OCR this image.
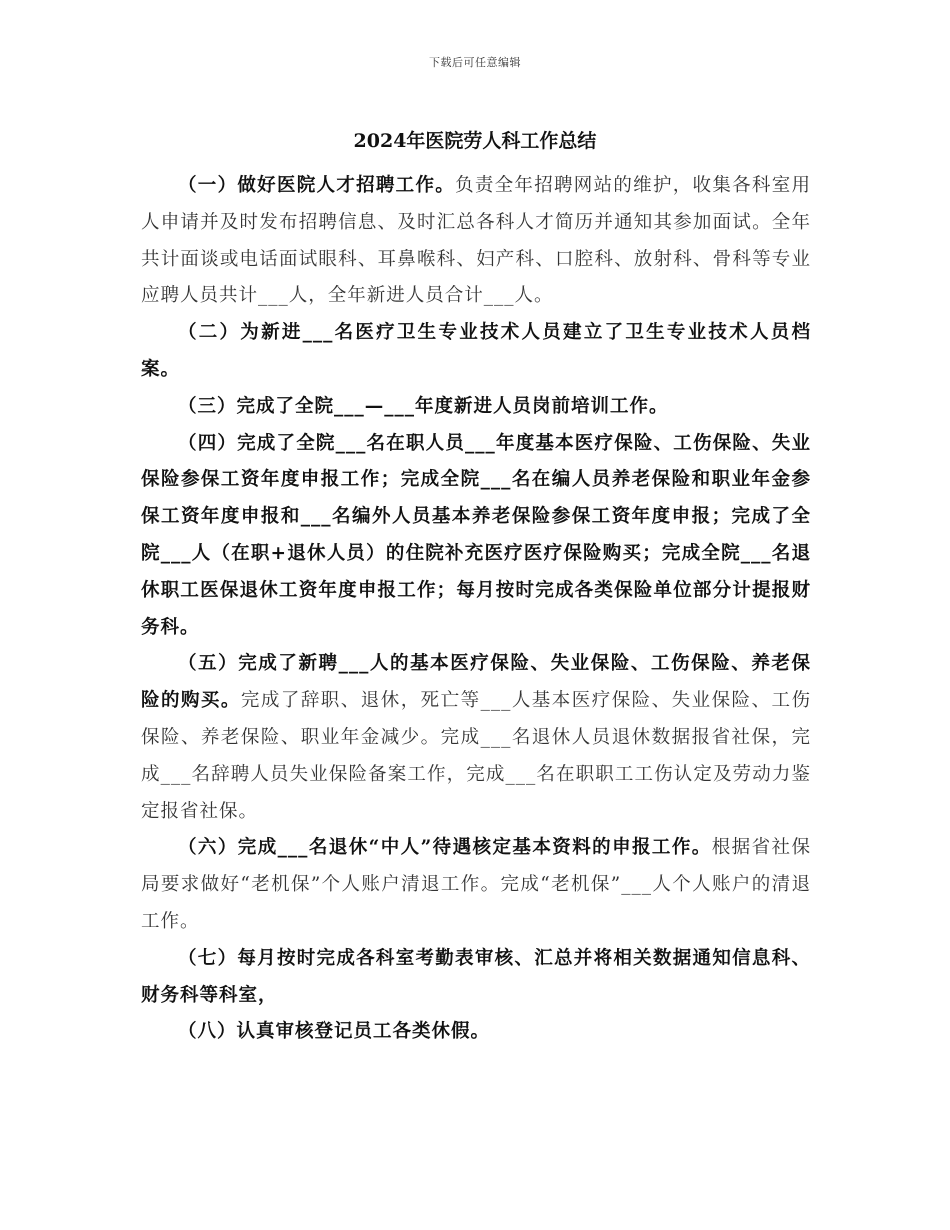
下载后可任意编辑
2024年医院劳人科工作总结

（一）做好医院人才招聘工作。负责全年招聘网站的维护，收集各科室用人申请并及时发布招聘信息、及时汇总各科人才简历并通知其参加面试。全年共计面谈或电话面试眼科、耳鼻喉科、妇产科、口腔科、放射科、骨科等专业应聘人员共计___人，全年新进人员合计___人。

（二）为新进___名医疗卫生专业技术人员建立了卫生专业技术人员档案。

（三）完成了全院___—___年度新进人员岗前培训工作。

（四）完成了全院___名在职人员___年度基本医疗保险、工伤保险、失业保险参保工资年度申报工作；完成全院___名在编人员养老保险和职业年金参保工资年度申报和___名编外人员基本养老保险参保工资年度申报；完成了全院___人（在职+退休人员）的住院补充医疗医疗保险购买；完成全院___名退休职工医保退休工资年度申报工作；每月按时完成各类保险单位部分计提报财务科。

（五）完成了新聘___人的基本医疗保险、失业保险、工伤保险、养老保险的购买。完成了辞职、退休，死亡等___人基本医疗保险、失业保险、工伤保险、养老保险、职业年金减少。完成___名退休人员退休数据报省社保，完成___名辞聘人员失业保险备案工作，完成___名在职职工工伤认定及劳动力鉴定报省社保。

（六）完成___名退休“中人”待遇核定基本资料的申报工作。根据省社保局要求做好“老机保”个人账户清退工作。完成“老机保”___人个人账户的清退工作。

（七）每月按时完成各科室考勤表审核、汇总并将相关数据通知信息科、财务科等科室，

（八）认真审核登记员工各类休假。
